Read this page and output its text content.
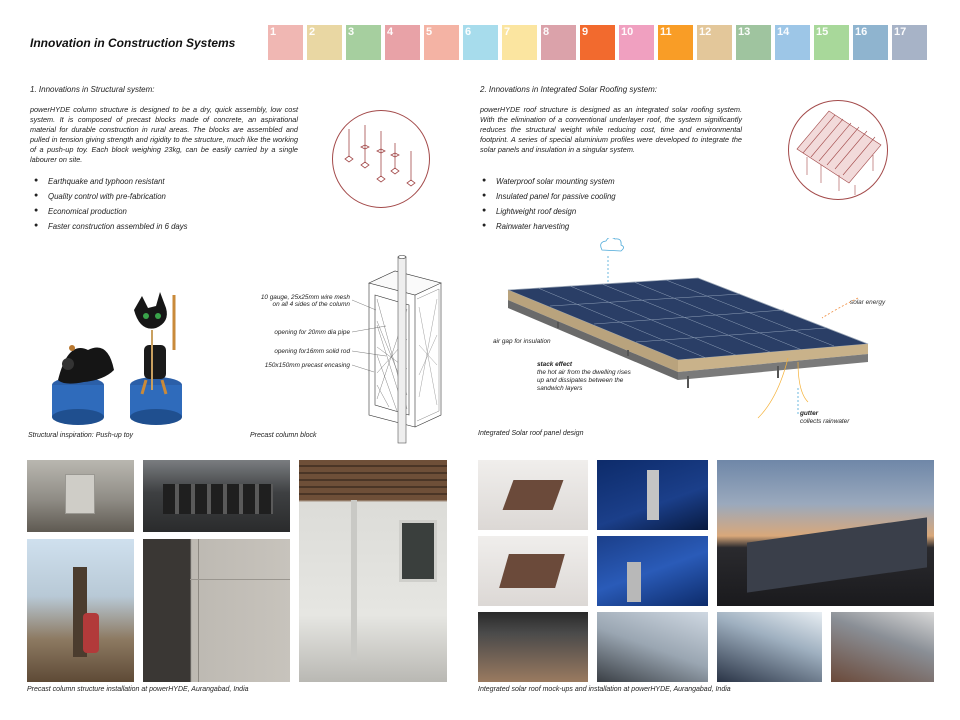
Innovation in Construction Systems
1	2	3	4	5	6	7	8	9	10	11	12	13	14	15	16	17
1. Innovations in Structural system:
powerHYDE column structure is designed to be a dry, quick assembly, low cost system. It is composed of precast blocks made of concrete, an aspirational material for durable construction in rural areas. The blocks are assembled and pulled in tension giving strength and rigidity to the structure, much like the working of a push-up toy. Each block weighing 23kg, can be easily carried by a single labourer on site.
● Earthquake and typhoon resistant
● Quality control with pre-fabrication
● Economical production
● Faster construction assembled in 6 days
2. Innovations in Integrated Solar Roofing system:
powerHYDE roof structure is designed as an integrated solar roofing system. With the elimination of a conventional underlayer roof, the system significantly reduces the structural weight while reducing cost, time and environmental footprint. A series of special aluminium profiles were developed to integrate the solar panels and insulation in a singular system.
● Waterproof solar mounting system
● Insulated panel for passive cooling
● Lightweight roof design
● Rainwater harvesting
Structural inspiration: Push-up toy
10 gauge, 25x25mm wire mesh
on all 4 sides of the column
opening for 20mm dia pipe
opening for16mm solid rod
150x150mm precast encasing
Precast column block
solar energy
air gap for insulation
stack effect
the hot air from the dwelling rises
up and dissipates between the
sandwich layers
gutter
collects rainwater
Integrated Solar roof panel design
Precast column structure installation at powerHYDE, Aurangabad, India	Integrated solar roof mock-ups and installation at powerHYDE, Aurangabad, India
